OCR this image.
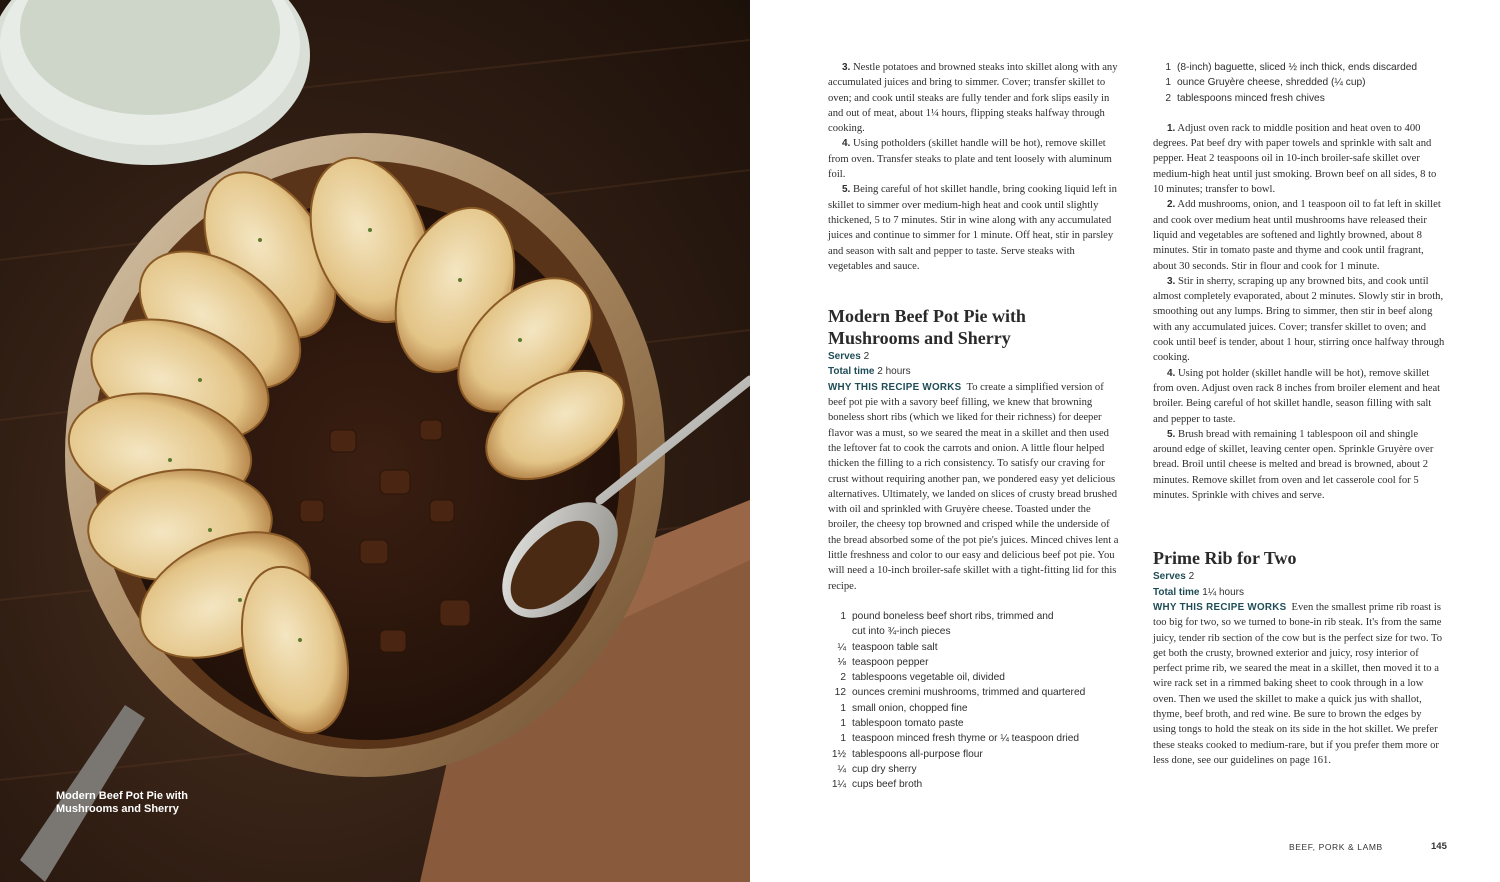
Modern Beef Pot Pie with
Mushrooms and Sherry

3. Nestle potatoes and browned steaks into skillet along with any accumulated juices and bring to simmer. Cover; transfer skillet to oven; and cook until steaks are fully tender and fork slips easily in and out of meat, about 1¼ hours, flipping steaks halfway through cooking.

4. Using potholders (skillet handle will be hot), remove skillet from oven. Transfer steaks to plate and tent loosely with aluminum foil.

5. Being careful of hot skillet handle, bring cooking liquid left in skillet to simmer over medium-high heat and cook until slightly thickened, 5 to 7 minutes. Stir in wine along with any accumulated juices and continue to simmer for 1 minute. Off heat, stir in parsley and season with salt and pepper to taste. Serve steaks with vegetables and sauce.

Modern Beef Pot Pie with
Mushrooms and Sherry
Serves 2
Total time 2 hours

WHY THIS RECIPE WORKS To create a simplified version of beef pot pie with a savory beef filling, we knew that browning boneless short ribs (which we liked for their richness) for deeper flavor was a must, so we seared the meat in a skillet and then used the leftover fat to cook the carrots and onion. A little flour helped thicken the filling to a rich consistency. To satisfy our craving for crust without requiring another pan, we pondered easy yet delicious alternatives. Ultimately, we landed on slices of crusty bread brushed with oil and sprinkled with Gruyère cheese. Toasted under the broiler, the cheesy top browned and crisped while the underside of the bread absorbed some of the pot pie's juices. Minced chives lent a little freshness and color to our easy and delicious beef pot pie. You will need a 10-inch broiler-safe skillet with a tight-fitting lid for this recipe.

1 pound boneless beef short ribs, trimmed and
cut into ¾-inch pieces
¼ teaspoon table salt
⅛ teaspoon pepper
2 tablespoons vegetable oil, divided
12 ounces cremini mushrooms, trimmed and quartered
1 small onion, chopped fine
1 tablespoon tomato paste
1 teaspoon minced fresh thyme or ¼ teaspoon dried
1½ tablespoons all-purpose flour
¼ cup dry sherry
1¼ cups beef broth
1 (8-inch) baguette, sliced ½ inch thick, ends discarded
1 ounce Gruyère cheese, shredded (¼ cup)
2 tablespoons minced fresh chives

1. Adjust oven rack to middle position and heat oven to 400 degrees. Pat beef dry with paper towels and sprinkle with salt and pepper. Heat 2 teaspoons oil in 10-inch broiler-safe skillet over medium-high heat until just smoking. Brown beef on all sides, 8 to 10 minutes; transfer to bowl.

2. Add mushrooms, onion, and 1 teaspoon oil to fat left in skillet and cook over medium heat until mushrooms have released their liquid and vegetables are softened and lightly browned, about 8 minutes. Stir in tomato paste and thyme and cook until fragrant, about 30 seconds. Stir in flour and cook for 1 minute.

3. Stir in sherry, scraping up any browned bits, and cook until almost completely evaporated, about 2 minutes. Slowly stir in broth, smoothing out any lumps. Bring to simmer, then stir in beef along with any accumulated juices. Cover; transfer skillet to oven; and cook until beef is tender, about 1 hour, stirring once halfway through cooking.

4. Using pot holder (skillet handle will be hot), remove skillet from oven. Adjust oven rack 8 inches from broiler element and heat broiler. Being careful of hot skillet handle, season filling with salt and pepper to taste.

5. Brush bread with remaining 1 tablespoon oil and shingle around edge of skillet, leaving center open. Sprinkle Gruyère over bread. Broil until cheese is melted and bread is browned, about 2 minutes. Remove skillet from oven and let casserole cool for 5 minutes. Sprinkle with chives and serve.

Prime Rib for Two
Serves 2
Total time 1¼ hours

WHY THIS RECIPE WORKS Even the smallest prime rib roast is too big for two, so we turned to bone-in rib steak. It's from the same juicy, tender rib section of the cow but is the perfect size for two. To get both the crusty, browned exterior and juicy, rosy interior of perfect prime rib, we seared the meat in a skillet, then moved it to a wire rack set in a rimmed baking sheet to cook through in a low oven. Then we used the skillet to make a quick jus with shallot, thyme, beef broth, and red wine. Be sure to brown the edges by using tongs to hold the steak on its side in the hot skillet. We prefer these steaks cooked to medium-rare, but if you prefer them more or less done, see our guidelines on page 161.

BEEF, PORK & LAMB	145
